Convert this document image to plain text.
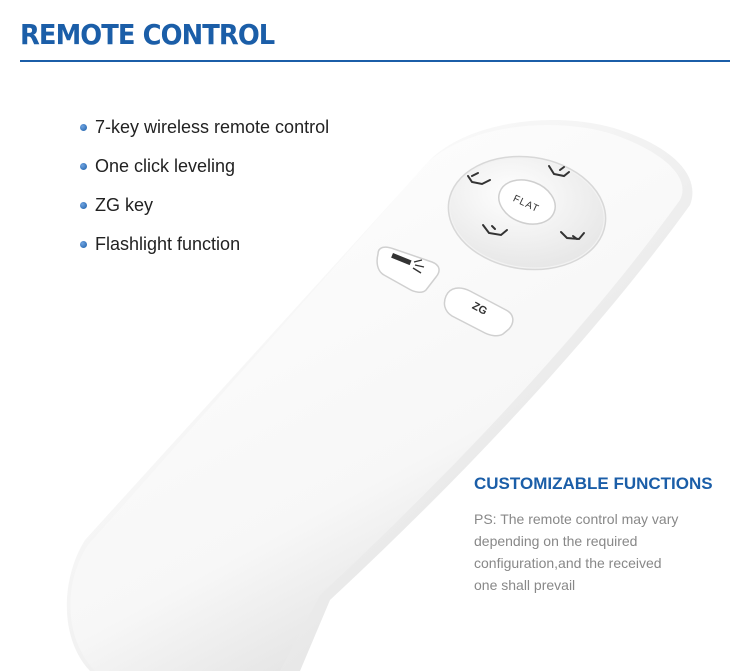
REMOTE CONTROL
7-key wireless remote control
One click leveling
ZG key
Flashlight function
FLAT
ZG
CUSTOMIZABLE FUNCTIONS
PS: The remote control may vary
depending on the required
configuration,and the received
one shall prevail
